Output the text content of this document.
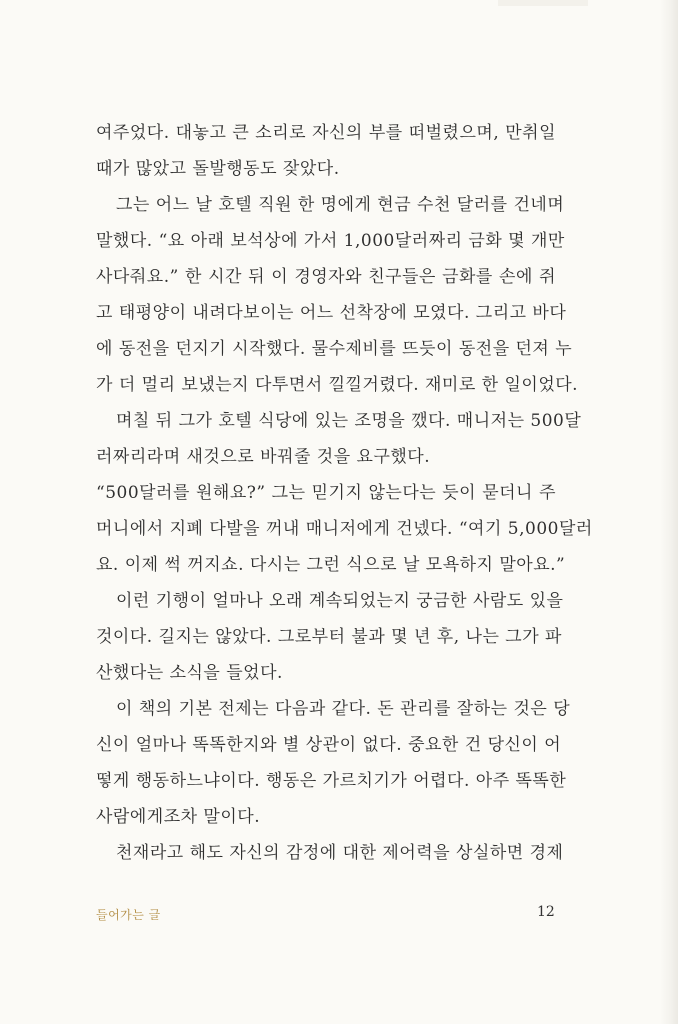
여주었다. 대놓고 큰 소리로 자신의 부를 떠벌렸으며, 만취일
때가 많았고 돌발행동도 잦았다.
그는 어느 날 호텔 직원 한 명에게 현금 수천 달러를 건네며
말했다. “요 아래 보석상에 가서 1,000달러짜리 금화 몇 개만
사다줘요.” 한 시간 뒤 이 경영자와 친구들은 금화를 손에 쥐
고 태평양이 내려다보이는 어느 선착장에 모였다. 그리고 바다
에 동전을 던지기 시작했다. 물수제비를 뜨듯이 동전을 던져 누
가 더 멀리 보냈는지 다투면서 낄낄거렸다. 재미로 한 일이었다.
며칠 뒤 그가 호텔 식당에 있는 조명을 깼다. 매니저는 500달
러짜리라며 새것으로 바꿔줄 것을 요구했다.
“500달러를 원해요?” 그는 믿기지 않는다는 듯이 묻더니 주
머니에서 지폐 다발을 꺼내 매니저에게 건넸다. “여기 5,000달러
요. 이제 썩 꺼지쇼. 다시는 그런 식으로 날 모욕하지 말아요.”
이런 기행이 얼마나 오래 계속되었는지 궁금한 사람도 있을
것이다. 길지는 않았다. 그로부터 불과 몇 년 후, 나는 그가 파
산했다는 소식을 들었다.
이 책의 기본 전제는 다음과 같다. 돈 관리를 잘하는 것은 당
신이 얼마나 똑똑한지와 별 상관이 없다. 중요한 건 당신이 어
떻게 행동하느냐이다. 행동은 가르치기가 어렵다. 아주 똑똑한
사람에게조차 말이다.
천재라고 해도 자신의 감정에 대한 제어력을 상실하면 경제
들어가는 글	12
